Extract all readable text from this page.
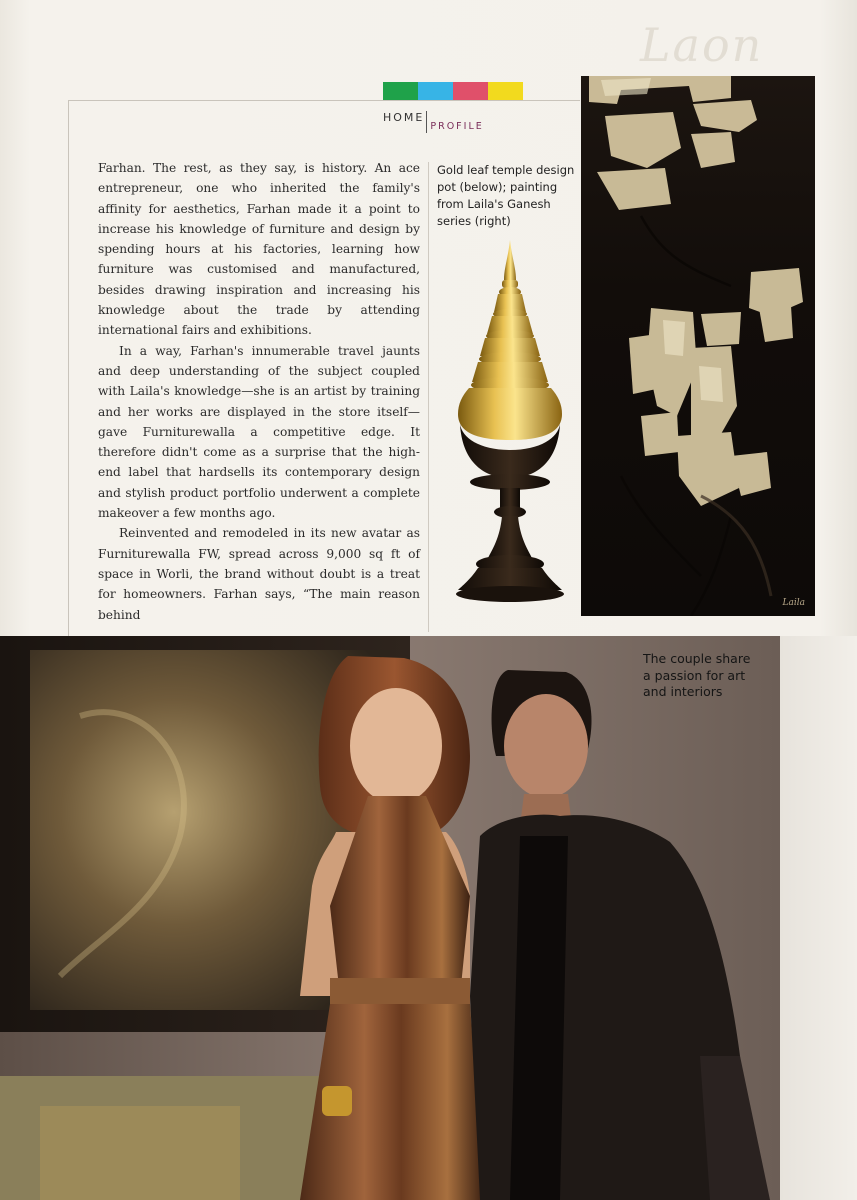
Laon
HOME
PROFILE

Farhan. The rest, as they say, is history. An ace entrepreneur, one who inherited the family's affinity for aesthetics, Farhan made it a point to increase his knowledge of furniture and design by spending hours at his factories, learning how furniture was customised and manufactured, besides drawing inspiration and increasing his knowledge about the trade by attending international fairs and exhibitions.

In a way, Farhan's innumerable travel jaunts and deep understanding of the subject coupled with Laila's knowledge—she is an artist by training and her works are displayed in the store itself—gave Furniturewalla a competitive edge. It therefore didn't come as a surprise that the high-end label that hardsells its contemporary design and stylish product portfolio underwent a complete makeover a few months ago.

Reinvented and remodeled in its new avatar as Furniturewalla FW, spread across 9,000 sq ft of space in Worli, the brand without doubt is a treat for homeowners. Farhan says, “The main reason behind

Gold leaf temple design pot (below); painting from Laila's Ganesh series (right)
Laila
The couple share a passion for art and interiors
